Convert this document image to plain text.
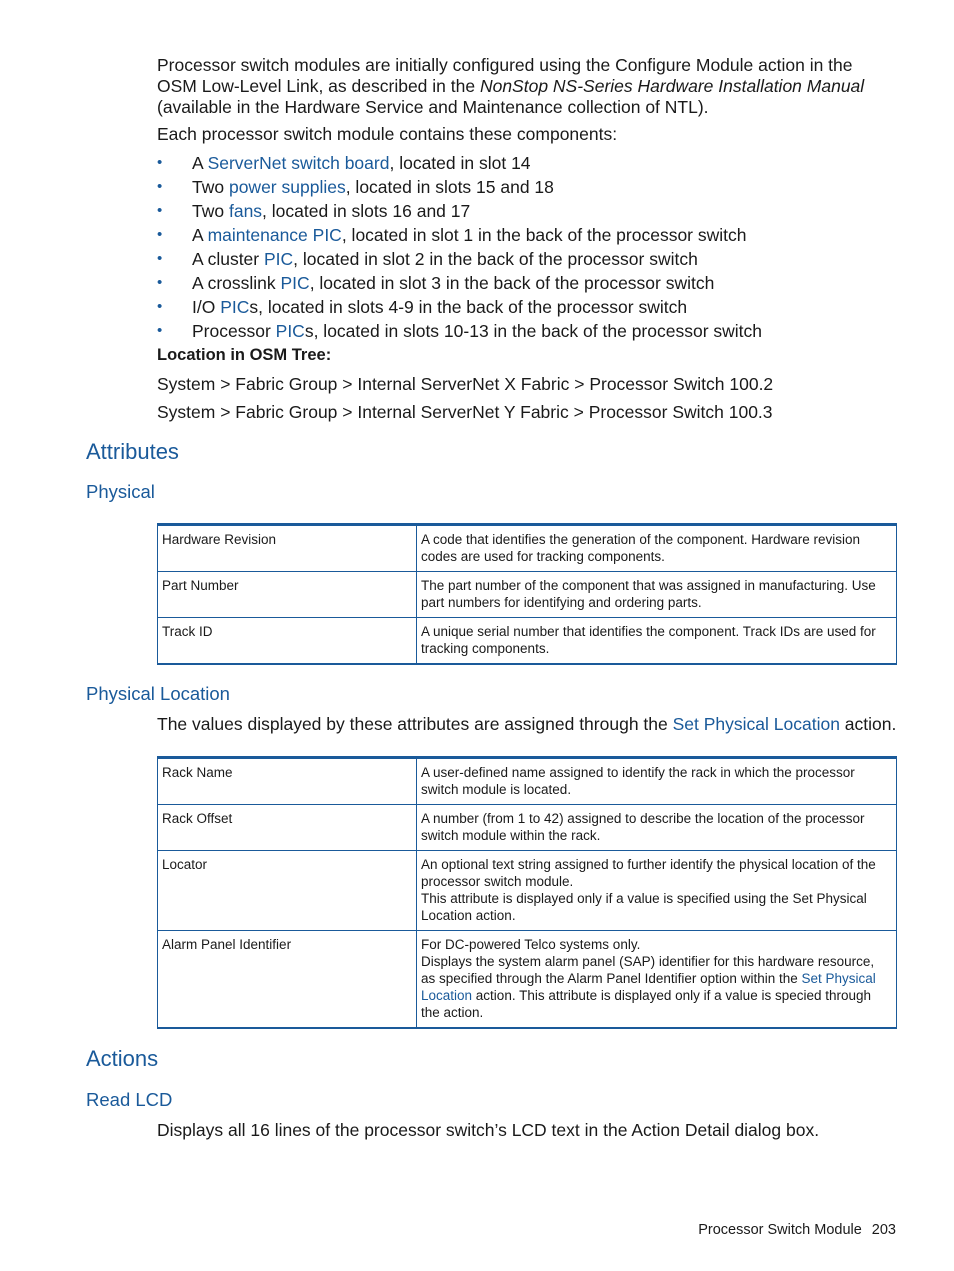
Processor switch modules are initially configured using the Configure Module action in the OSM Low-Level Link, as described in the NonStop NS-Series Hardware Installation Manual (available in the Hardware Service and Maintenance collection of NTL).

Each processor switch module contains these components:

• A ServerNet switch board, located in slot 14
• Two power supplies, located in slots 15 and 18
• Two fans, located in slots 16 and 17
• A maintenance PIC, located in slot 1 in the back of the processor switch
• A cluster PIC, located in slot 2 in the back of the processor switch
• A crosslink PIC, located in slot 3 in the back of the processor switch
• I/O PICs, located in slots 4-9 in the back of the processor switch
• Processor PICs, located in slots 10-13 in the back of the processor switch

Location in OSM Tree:

System > Fabric Group > Internal ServerNet X Fabric > Processor Switch 100.2

System > Fabric Group > Internal ServerNet Y Fabric > Processor Switch 100.3

Attributes
Physical
Hardware Revision	A code that identifies the generation of the component. Hardware revision codes are used for tracking components.
Part Number	The part number of the component that was assigned in manufacturing. Use part numbers for identifying and ordering parts.
Track ID	A unique serial number that identifies the component. Track IDs are used for tracking components.
Physical Location

The values displayed by these attributes are assigned through the Set Physical Location action.

Rack Name	A user-defined name assigned to identify the rack in which the processor switch module is located.
Rack Offset	A number (from 1 to 42) assigned to describe the location of the processor switch module within the rack.
Locator	An optional text string assigned to further identify the physical location of the processor switch module.
This attribute is displayed only if a value is specified using the Set Physical Location action.

Alarm Panel Identifier	For DC-powered Telco systems only.
Displays the system alarm panel (SAP) identifier for this hardware resource, as specified through the Alarm Panel Identifier option within the Set Physical Location action. This attribute is displayed only if a value is specied through the action.
Actions
Read LCD

Displays all 16 lines of the processor switch’s LCD text in the Action Detail dialog box.

Processor Switch Module 203
